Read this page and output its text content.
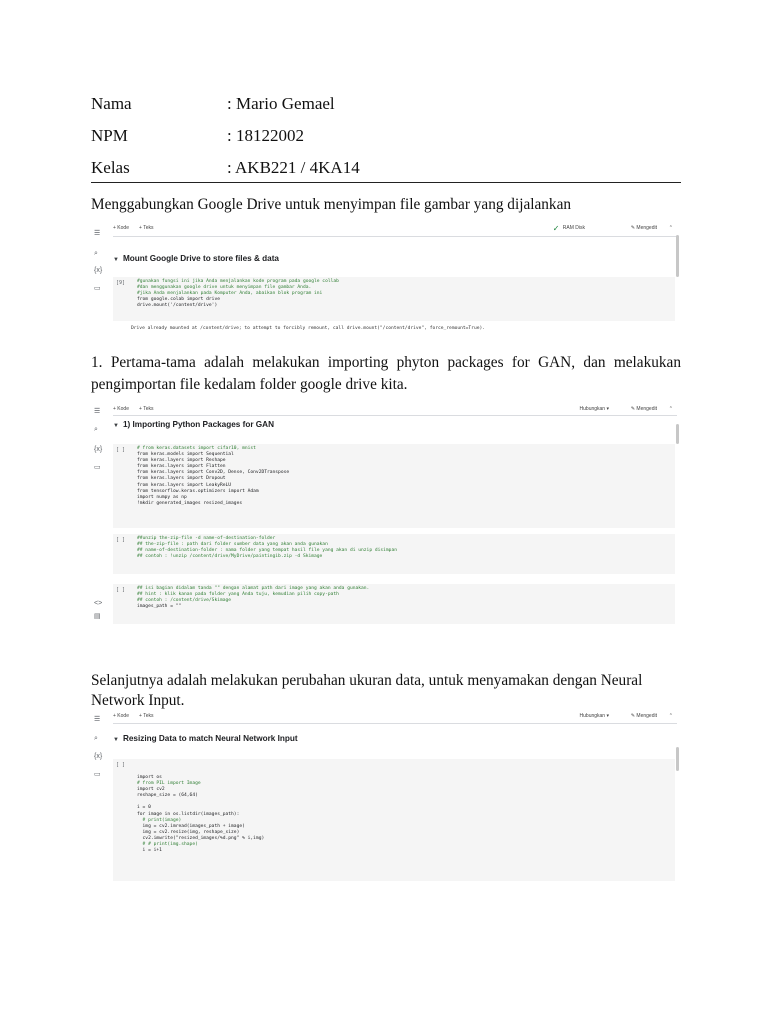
Nama	: Mario Gemael
NPM	: 18122002
Kelas	: AKB221 / 4KA14
Menggabungkan Google Drive untuk menyimpan file gambar yang dijalankan
☰
⌕
{x}
▭
+ Kode + Teks	✓ RAM Disk	✎ Mengedit ⌃
▼ Mount Google Drive to store files & data
[9]	#gunakan fungsi ini jika Anda menjalankan kode program pada google collab
#dan menggunakan google drive untuk menyimpan file gambar Anda.
#jika Anda menjalankan pada Komputer Anda, abaikan blok program ini
from google.colab import drive
drive.mount('/content/drive')
Drive already mounted at /content/drive; to attempt to forcibly remount, call drive.mount("/content/drive", force_remount=True).
1. Pertama-tama adalah melakukan importing phyton packages for GAN, dan melakukan
pengimportan file kedalam folder google drive kita.
☰
⌕
{x}
▭
<>
▤
+ Kode + Teks	Hubungkan ▾	✎ Mengedit ⌃
▼ 1) Importing Python Packages for GAN
[ ]	# from keras.datasets import cifar10, mnist
from keras.models import Sequential
from keras.layers import Reshape
from keras.layers import Flatten
from keras.layers import Conv2D, Dense, Conv2DTranspose
from keras.layers import Dropout
from keras.layers import LeakyReLU
from tensorflow.keras.optimizers import Adam
import numpy as np
!mkdir generated_images resized_images
[ ]	##unzip the-zip-file -d name-of-destination-folder
## the-zip-file : path dari folder sumber data yang akan anda gunakan
## name-of-destination-folder : nama folder yang tempat hasil file yang akan di unzip disimpan
## contoh : !unzip /content/drive/MyDrive/paintingib.zip -d Skimage
[ ]	## isi bagian didalam tanda "" dengan alamat path dari image yang akan anda gunakan.
## hint : klik kanan pada folder yang Anda tuju, kemudian pilih copy-path
## contoh : /content/drive/Skimage
images_path = ""
Selanjutnya adalah melakukan perubahan ukuran data, untuk menyamakan dengan Neural
Network Input.
☰
⌕
{x}
▭
+ Kode + Teks	Hubungkan ▾	✎ Mengedit ⌃
▼ Resizing Data to match Neural Network Input
[ ]
import os
# from PIL import Image
import cv2
reshape_size = (64,64)

i = 0
for image in os.listdir(images_path):
# print(image)
img = cv2.imread(images_path + image)
img = cv2.resize(img, reshape_size)
cv2.imwrite("resized_images/%d.png" % i,img)
# # print(img.shape)
i = i+1
